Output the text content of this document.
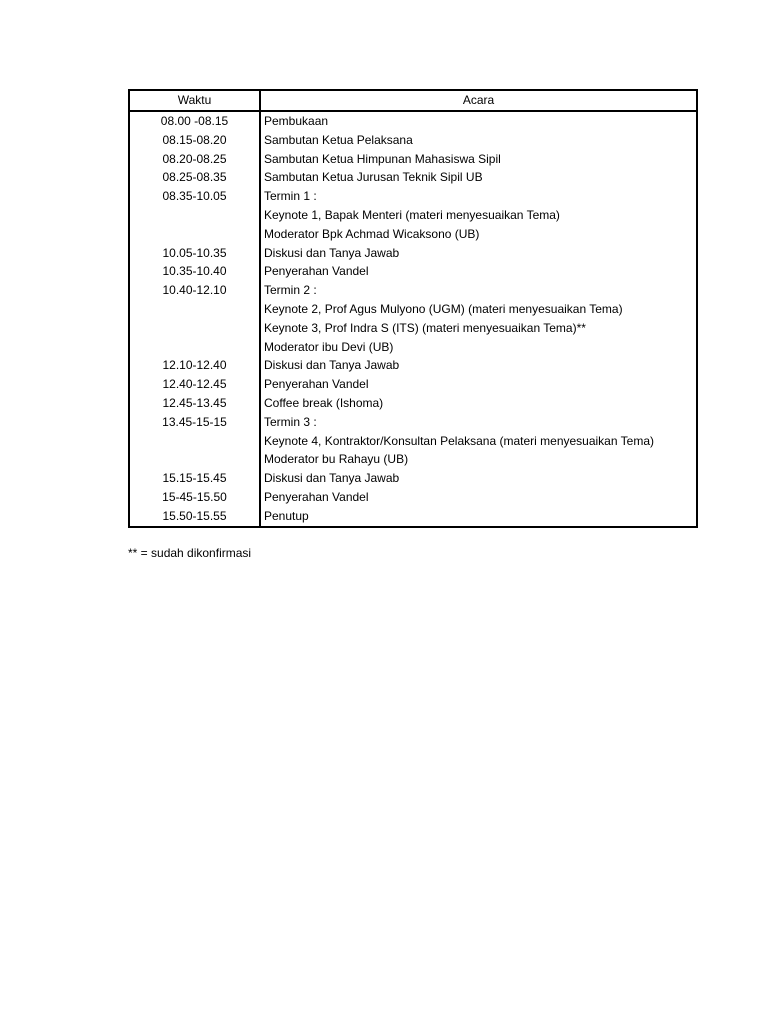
Waktu	Acara
08.00 -08.15	Pembukaan
08.15-08.20	Sambutan Ketua Pelaksana
08.20-08.25	Sambutan Ketua Himpunan Mahasiswa Sipil
08.25-08.35	Sambutan Ketua Jurusan Teknik Sipil UB
08.35-10.05	Termin 1 :
Keynote 1, Bapak Menteri (materi menyesuaikan Tema)
Moderator Bpk Achmad Wicaksono (UB)
10.05-10.35	Diskusi dan Tanya Jawab
10.35-10.40	Penyerahan Vandel
10.40-12.10	Termin 2 :
Keynote 2, Prof Agus Mulyono (UGM) (materi menyesuaikan Tema)
Keynote 3, Prof Indra S (ITS) (materi menyesuaikan Tema)**
Moderator ibu Devi (UB)
12.10-12.40	Diskusi dan Tanya Jawab
12.40-12.45	Penyerahan Vandel
12.45-13.45	Coffee break (Ishoma)
13.45-15-15	Termin 3 :
Keynote 4, Kontraktor/Konsultan Pelaksana (materi menyesuaikan Tema)
Moderator bu Rahayu (UB)
15.15-15.45	Diskusi dan Tanya Jawab
15-45-15.50	Penyerahan Vandel
15.50-15.55	Penutup
** = sudah dikonfirmasi
